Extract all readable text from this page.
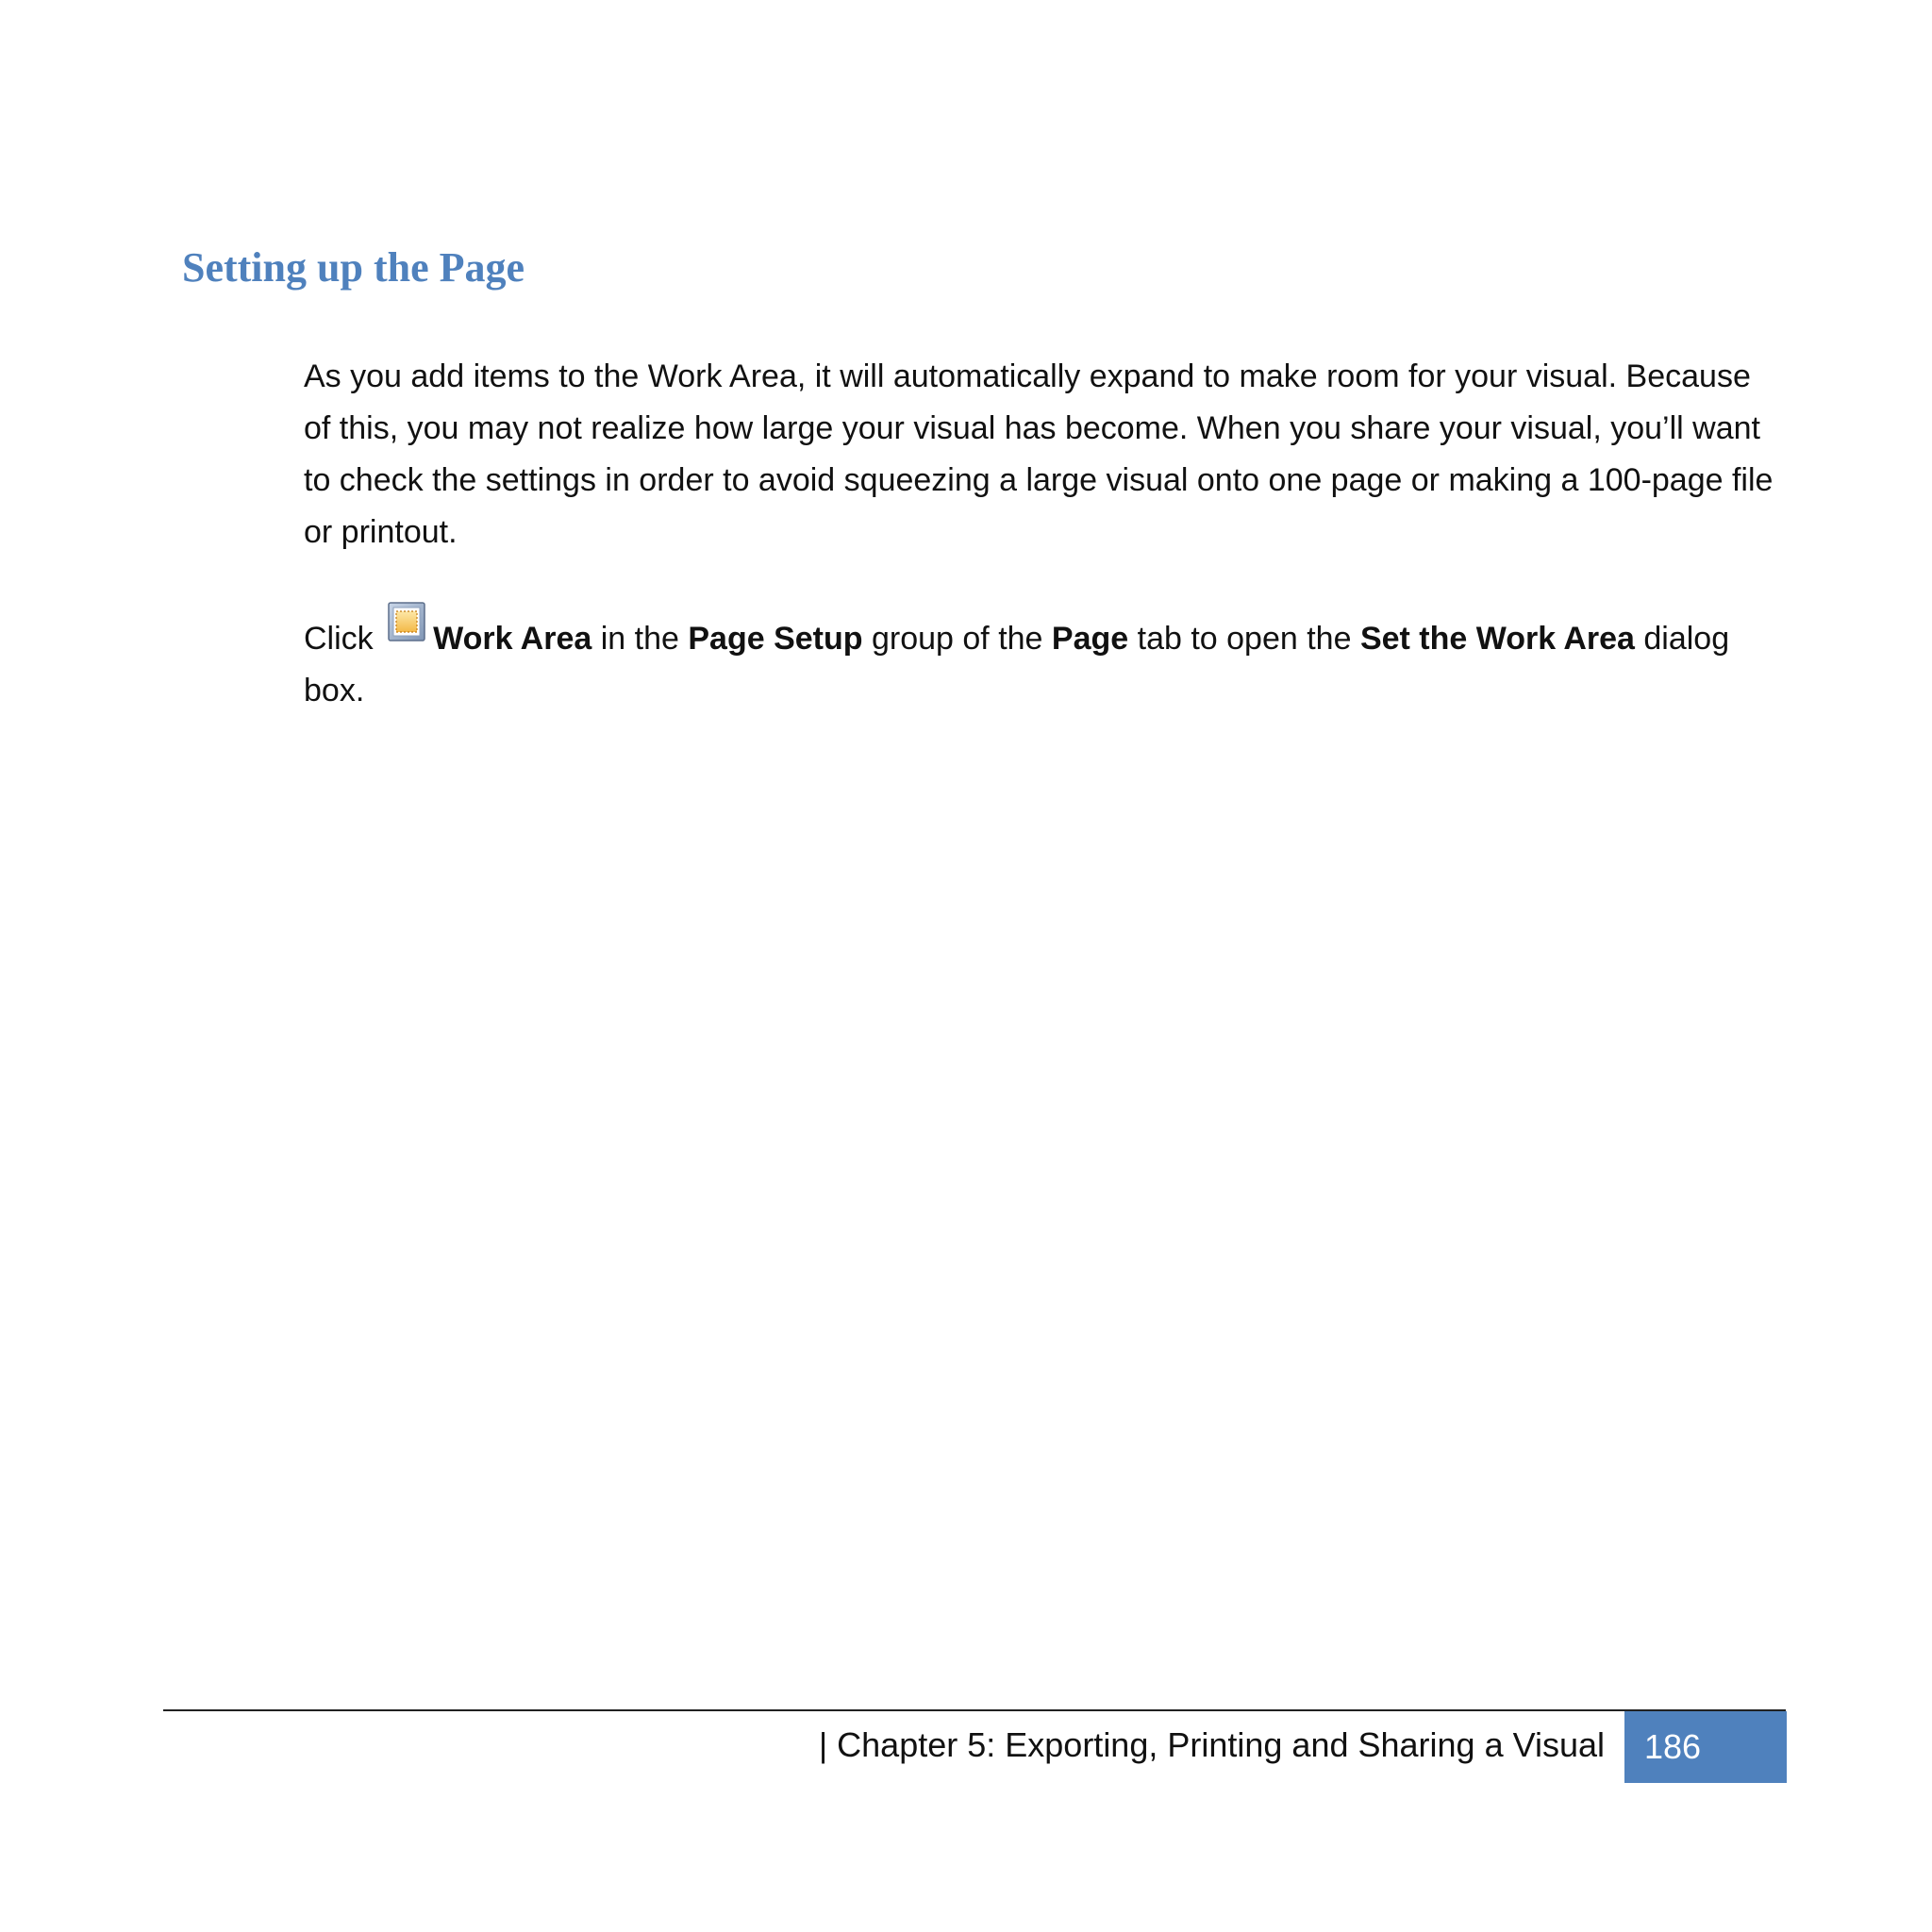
Setting up the Page

As you add items to the Work Area, it will automatically expand to make room for your visual. Because of this, you may not realize how large your visual has become. When you share your visual, you’ll want to check the settings in order to avoid squeezing a large visual onto one page or making a 100-page file or printout.

Click
Work Area in the Page Setup group of the Page tab to open the Set the Work Area dialog box.

| Chapter 5: Exporting, Printing and Sharing a Visual	186
